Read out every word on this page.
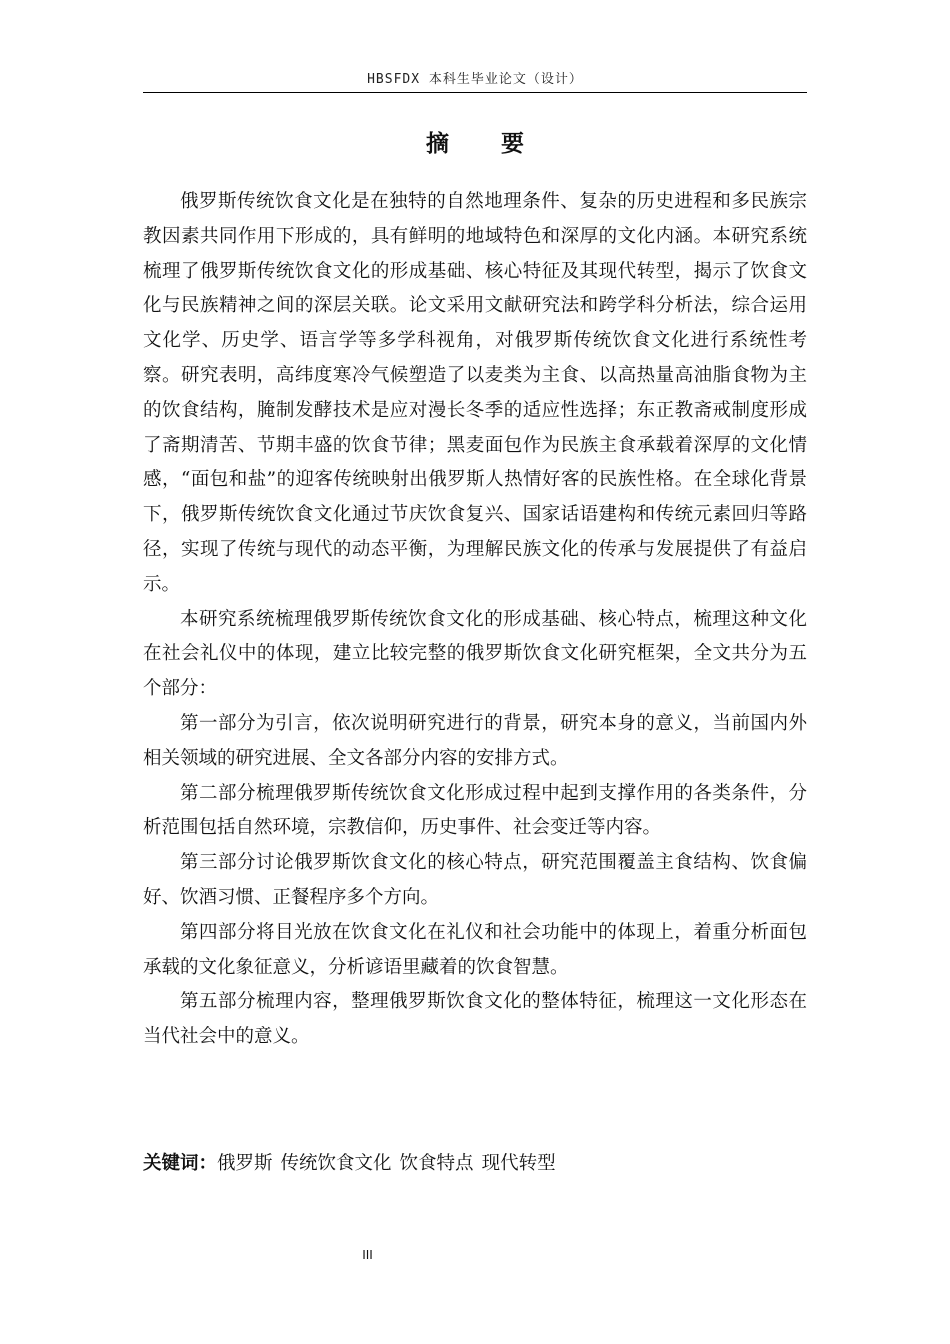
HBSFDX 本科生毕业论文（设计）
摘 要

俄罗斯传统饮食文化是在独特的自然地理条件、复杂的历史进程和多民族宗教因素共同作用下形成的，具有鲜明的地域特色和深厚的文化内涵。本研究系统梳理了俄罗斯传统饮食文化的形成基础、核心特征及其现代转型，揭示了饮食文化与民族精神之间的深层关联。论文采用文献研究法和跨学科分析法，综合运用文化学、历史学、语言学等多学科视角，对俄罗斯传统饮食文化进行系统性考察。研究表明，高纬度寒冷气候塑造了以麦类为主食、以高热量高油脂食物为主的饮食结构，腌制发酵技术是应对漫长冬季的适应性选择；东正教斋戒制度形成了斋期清苦、节期丰盛的饮食节律；黑麦面包作为民族主食承载着深厚的文化情感，“面包和盐”的迎客传统映射出俄罗斯人热情好客的民族性格。在全球化背景下，俄罗斯传统饮食文化通过节庆饮食复兴、国家话语建构和传统元素回归等路径，实现了传统与现代的动态平衡，为理解民族文化的传承与发展提供了有益启示。

本研究系统梳理俄罗斯传统饮食文化的形成基础、核心特点，梳理这种文化在社会礼仪中的体现，建立比较完整的俄罗斯饮食文化研究框架，全文共分为五个部分：

第一部分为引言，依次说明研究进行的背景，研究本身的意义，当前国内外相关领域的研究进展、全文各部分内容的安排方式。

第二部分梳理俄罗斯传统饮食文化形成过程中起到支撑作用的各类条件，分析范围包括自然环境，宗教信仰，历史事件、社会变迁等内容。

第三部分讨论俄罗斯饮食文化的核心特点，研究范围覆盖主食结构、饮食偏好、饮酒习惯、正餐程序多个方向。

第四部分将目光放在饮食文化在礼仪和社会功能中的体现上，着重分析面包承载的文化象征意义，分析谚语里藏着的饮食智慧。

第五部分梳理内容，整理俄罗斯饮食文化的整体特征，梳理这一文化形态在当代社会中的意义。

关键词：俄罗斯 传统饮食文化 饮食特点 现代转型
III
